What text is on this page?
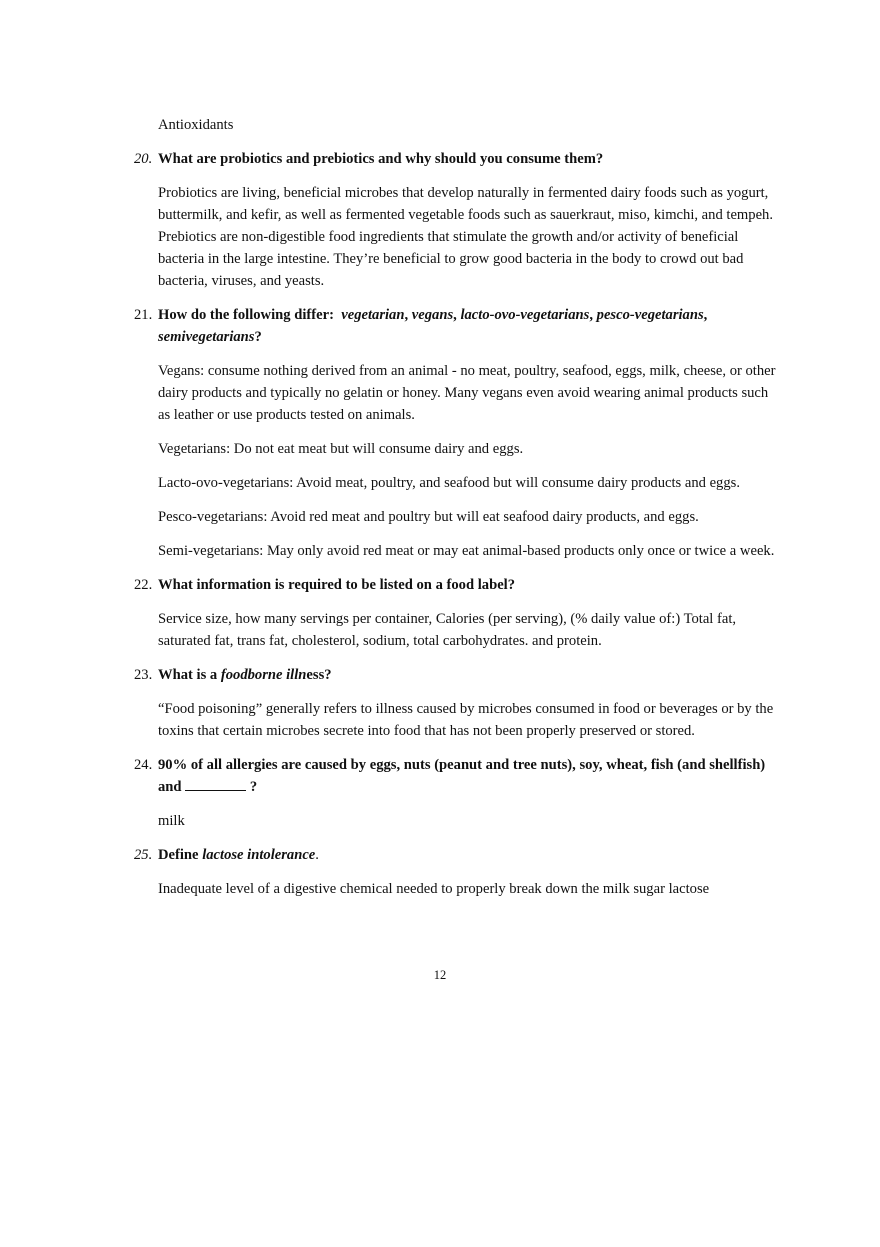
Antioxidants

20. What are probiotics and prebiotics and why should you consume them?

Probiotics are living, beneficial microbes that develop naturally in fermented dairy foods such as yogurt, buttermilk, and kefir, as well as fermented vegetable foods such as sauerkraut, miso, kimchi, and tempeh. Prebiotics are non-digestible food ingredients that stimulate the growth and/or activity of beneficial bacteria in the large intestine. They’re beneficial to grow good bacteria in the body to crowd out bad bacteria, viruses, and yeasts.

21. How do the following differ: vegetarian, vegans, lacto-ovo-vegetarians, pesco-vegetarians, semivegetarians?

Vegans: consume nothing derived from an animal - no meat, poultry, seafood, eggs, milk, cheese, or other dairy products and typically no gelatin or honey. Many vegans even avoid wearing animal products such as leather or use products tested on animals.

Vegetarians: Do not eat meat but will consume dairy and eggs.

Lacto-ovo-vegetarians: Avoid meat, poultry, and seafood but will consume dairy products and eggs.

Pesco-vegetarians: Avoid red meat and poultry but will eat seafood dairy products, and eggs.

Semi-vegetarians: May only avoid red meat or may eat animal-based products only once or twice a week.

22. What information is required to be listed on a food label?

Service size, how many servings per container, Calories (per serving), (% daily value of:) Total fat, saturated fat, trans fat, cholesterol, sodium, total carbohydrates. and protein.

23. What is a foodborne illness?

“Food poisoning” generally refers to illness caused by microbes consumed in food or beverages or by the toxins that certain microbes secrete into food that has not been properly preserved or stored.

24. 90% of all allergies are caused by eggs, nuts (peanut and tree nuts), soy, wheat, fish (and shellfish) and	?

milk

25. Define lactose intolerance.

Inadequate level of a digestive chemical needed to properly break down the milk sugar lactose

12
